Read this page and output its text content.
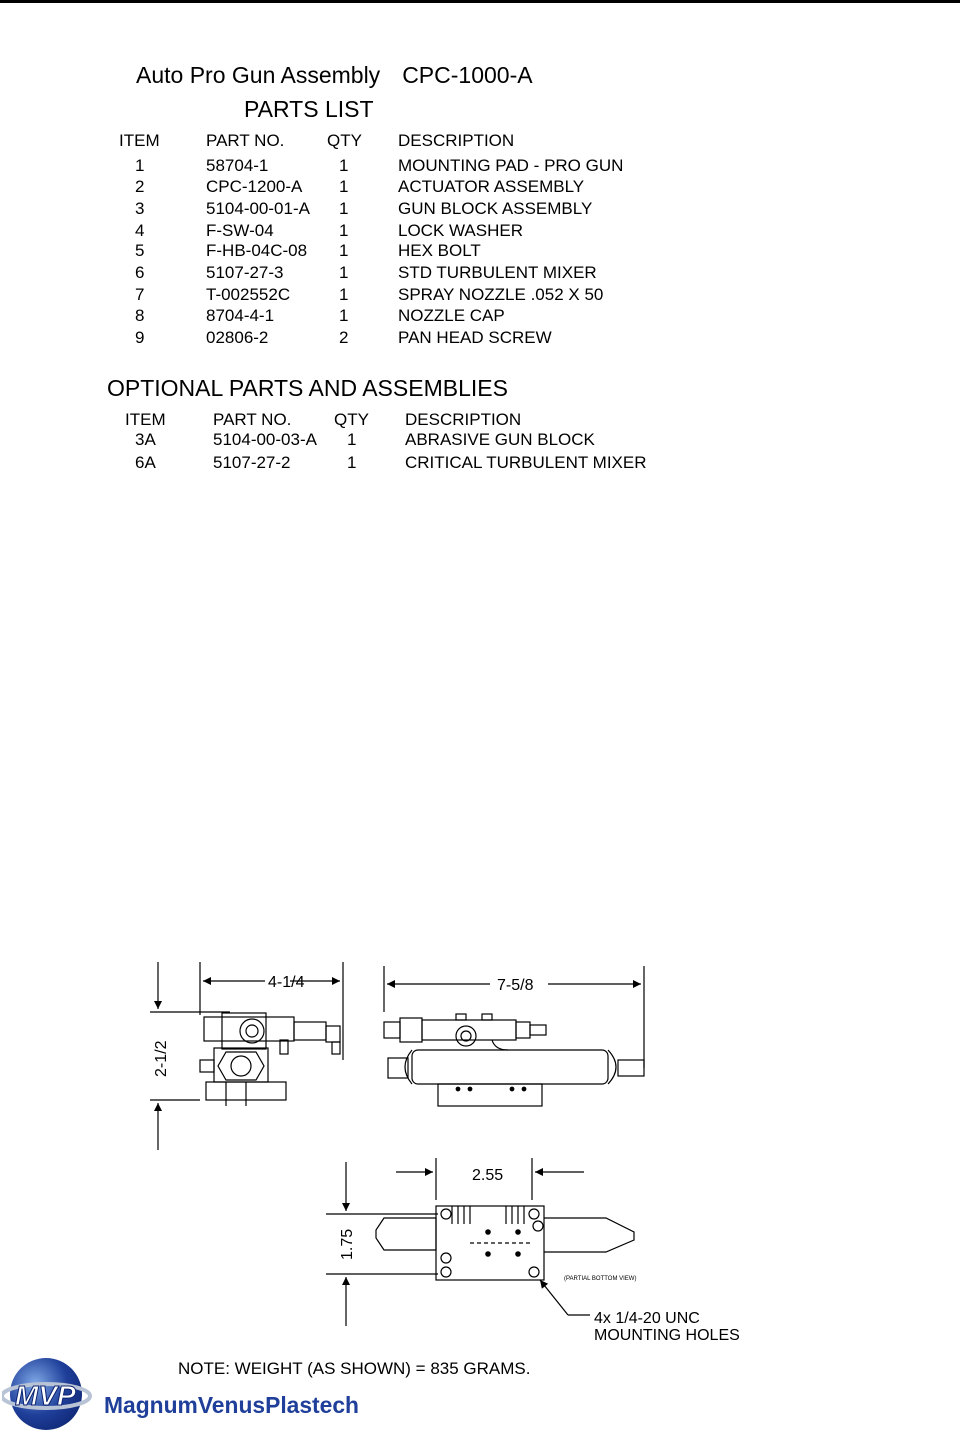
Auto Pro Gun Assembly CPC-1000-A
PARTS LIST
ITEM	PART NO.	QTY DESCRIPTION
1	58704-1	1	MOUNTING PAD - PRO GUN
2	CPC-1200-A 1	ACTUATOR ASSEMBLY
3	5104-00-01-A 1	GUN BLOCK ASSEMBLY
4	F-SW-04	1	LOCK WASHER
5	F-HB-04C-08 1	HEX BOLT
6	5107-27-3	1	STD TURBULENT MIXER
7	T-002552C	1	SPRAY NOZZLE .052 X 50
8	8704-4-1	1	NOZZLE CAP
9	02806-2	2	PAN HEAD SCREW
OPTIONAL PARTS AND ASSEMBLIES
ITEM	PART NO.	QTY DESCRIPTION
3A	5104-00-03-A 1	ABRASIVE GUN BLOCK
6A	5107-27-2	1	CRITICAL TURBULENT MIXER
4-1/4
2-1/2
7-5/8
2.55
1.75
(PARTIAL BOTTOM VIEW)
4x 1/4-20 UNC
MOUNTING HOLES
NOTE: WEIGHT (AS SHOWN) = 835 GRAMS.
MVP MagnumVenusPlastech
